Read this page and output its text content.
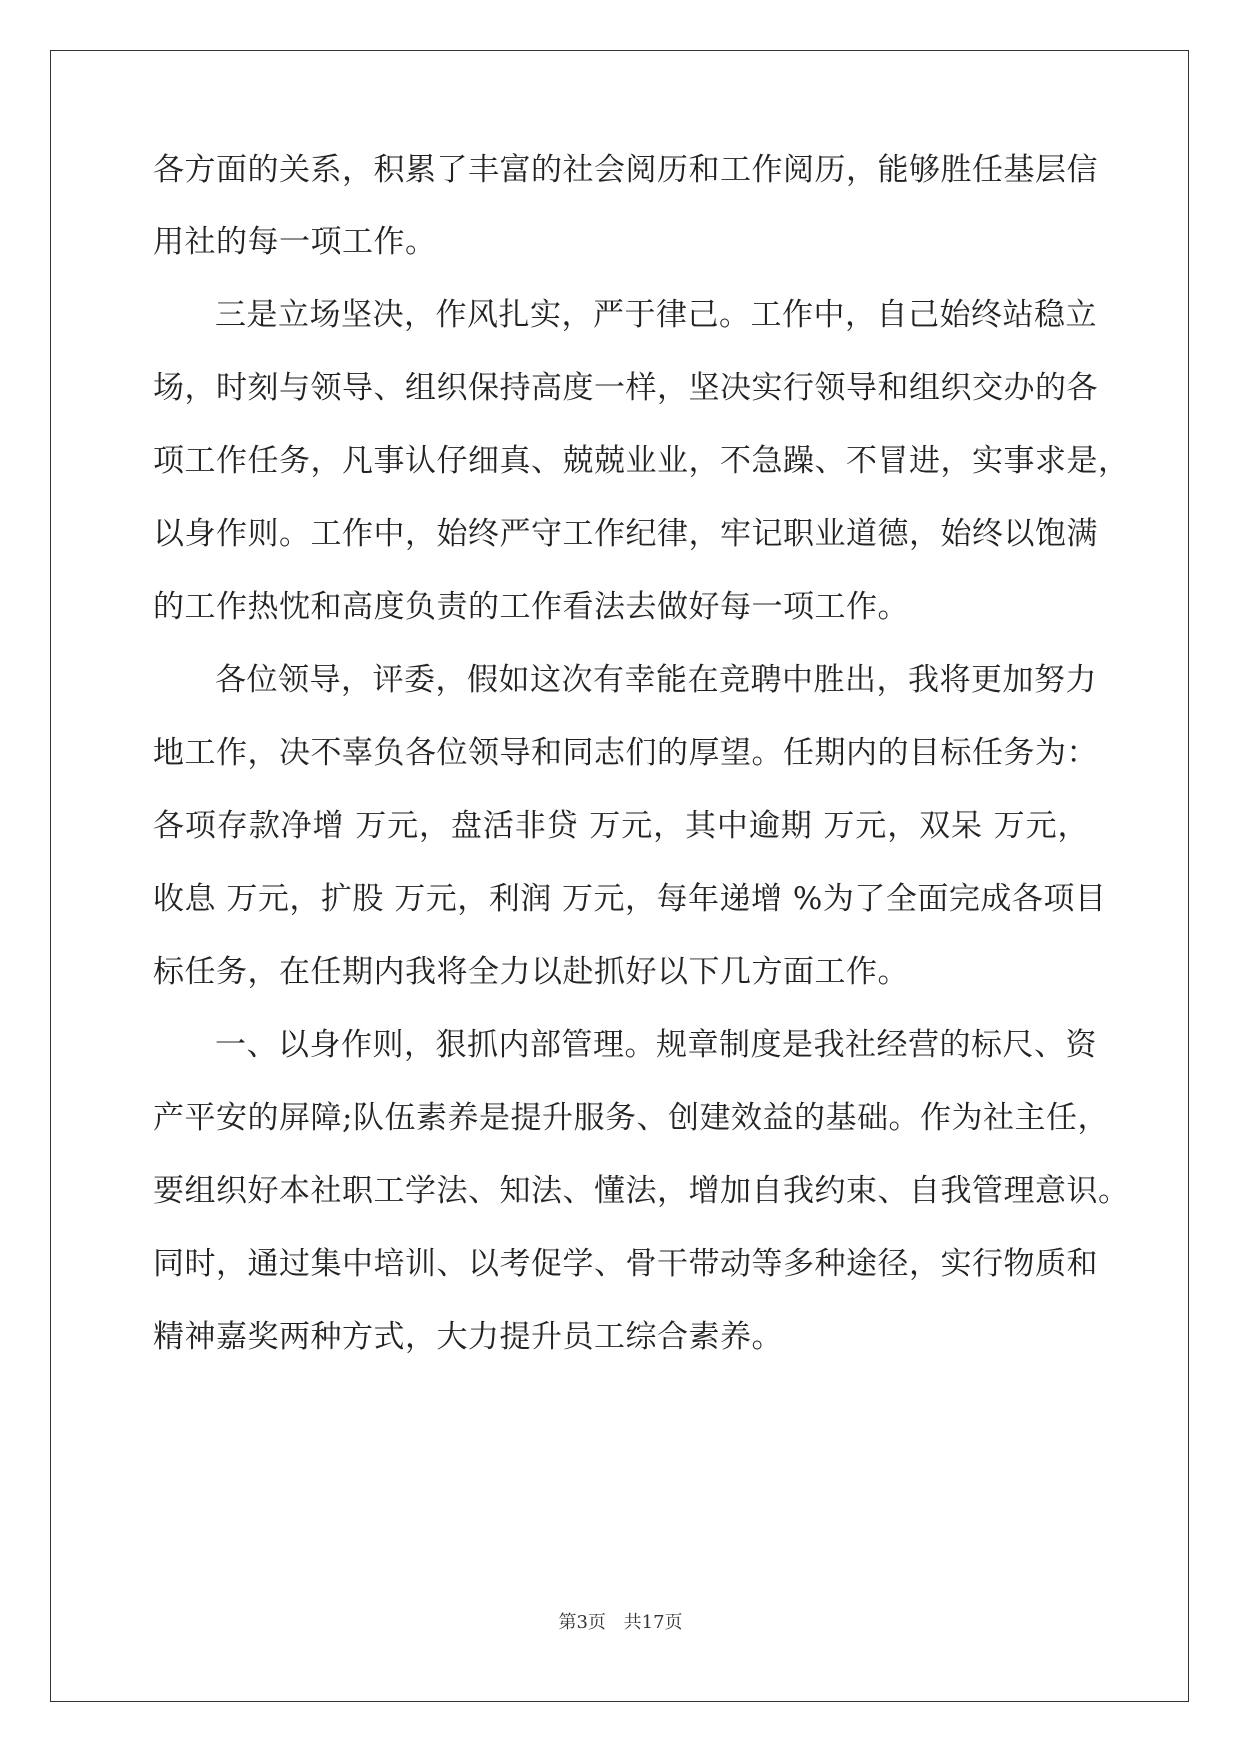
各方面的关系，积累了丰富的社会阅历和工作阅历，能够胜任基层信
用社的每一项工作。
三是立场坚决，作风扎实，严于律己。工作中，自己始终站稳立
场，时刻与领导、组织保持高度一样，坚决实行领导和组织交办的各
项工作任务，凡事认仔细真、兢兢业业，不急躁、不冒进，实事求是，
以身作则。工作中，始终严守工作纪律，牢记职业道德，始终以饱满
的工作热忱和高度负责的工作看法去做好每一项工作。
各位领导，评委，假如这次有幸能在竞聘中胜出，我将更加努力
地工作，决不辜负各位领导和同志们的厚望。任期内的目标任务为：
各项存款净增 万元，盘活非贷 万元，其中逾期 万元，双呆 万元，
收息 万元，扩股 万元，利润 万元，每年递增 %为了全面完成各项目
标任务，在任期内我将全力以赴抓好以下几方面工作。
一、以身作则，狠抓内部管理。规章制度是我社经营的标尺、资
产平安的屏障;队伍素养是提升服务、创建效益的基础。作为社主任，
要组织好本社职工学法、知法、懂法，增加自我约束、自我管理意识。
同时，通过集中培训、以考促学、骨干带动等多种途径，实行物质和
精神嘉奖两种方式，大力提升员工综合素养。
第3页 共17页
